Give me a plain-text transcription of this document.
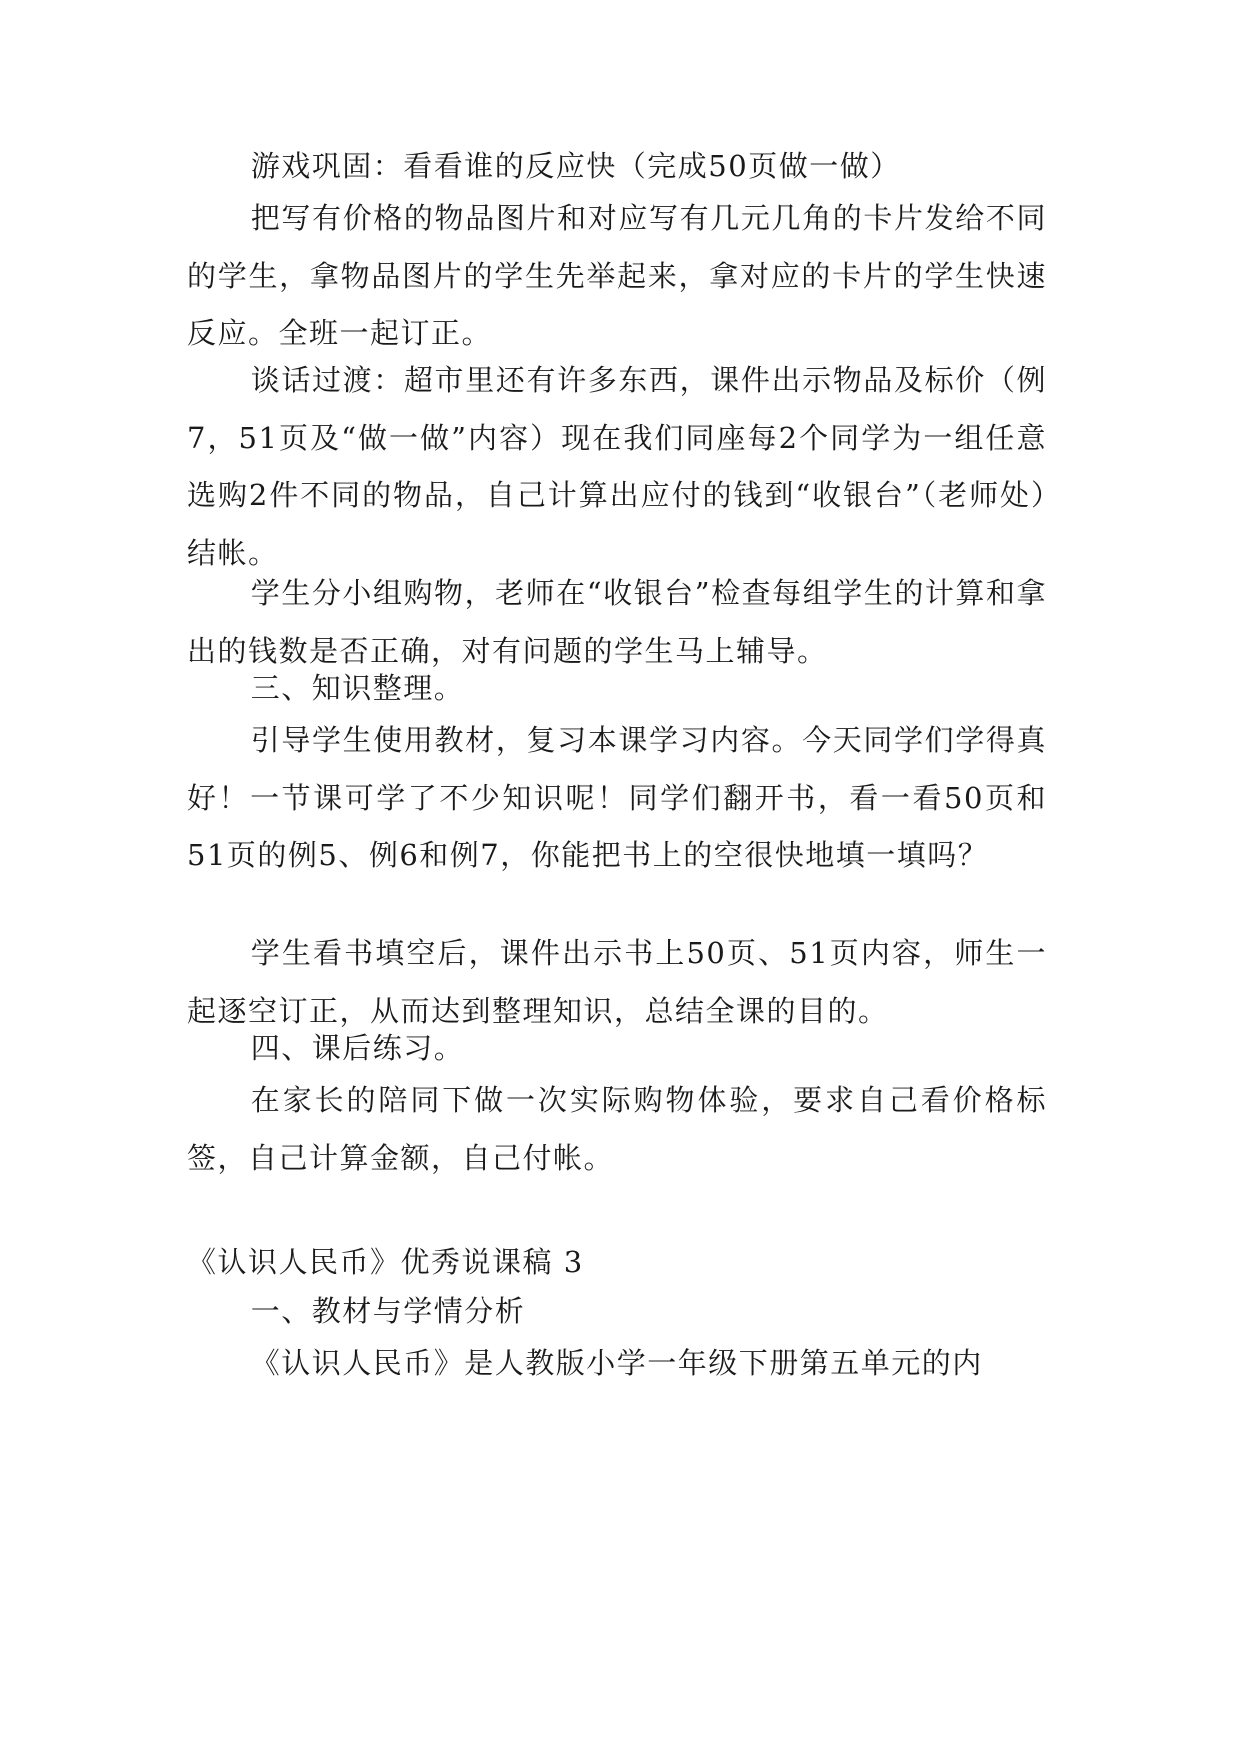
游戏巩固：看看谁的反应快（完成50页做一做）

把写有价格的物品图片和对应写有几元几角的卡片发给不同的学生，拿物品图片的学生先举起来，拿对应的卡片的学生快速反应。全班一起订正。

谈话过渡：超市里还有许多东西，课件出示物品及标价（例7，51页及“做一做”内容）现在我们同座每2个同学为一组任意选购2件不同的物品，自己计算出应付的钱到“收银台”（老师处）结帐。

学生分小组购物，老师在“收银台”检查每组学生的计算和拿出的钱数是否正确，对有问题的学生马上辅导。

三、知识整理。

引导学生使用教材，复习本课学习内容。今天同学们学得真好！一节课可学了不少知识呢！同学们翻开书，看一看50页和51页的例5、例6和例7，你能把书上的空很快地填一填吗？

学生看书填空后，课件出示书上50页、51页内容，师生一起逐空订正，从而达到整理知识，总结全课的目的。

四、课后练习。

在家长的陪同下做一次实际购物体验，要求自己看价格标签，自己计算金额，自己付帐。

《认识人民币》优秀说课稿 3

一、教材与学情分析

《认识人民币》是人教版小学一年级下册第五单元的内
